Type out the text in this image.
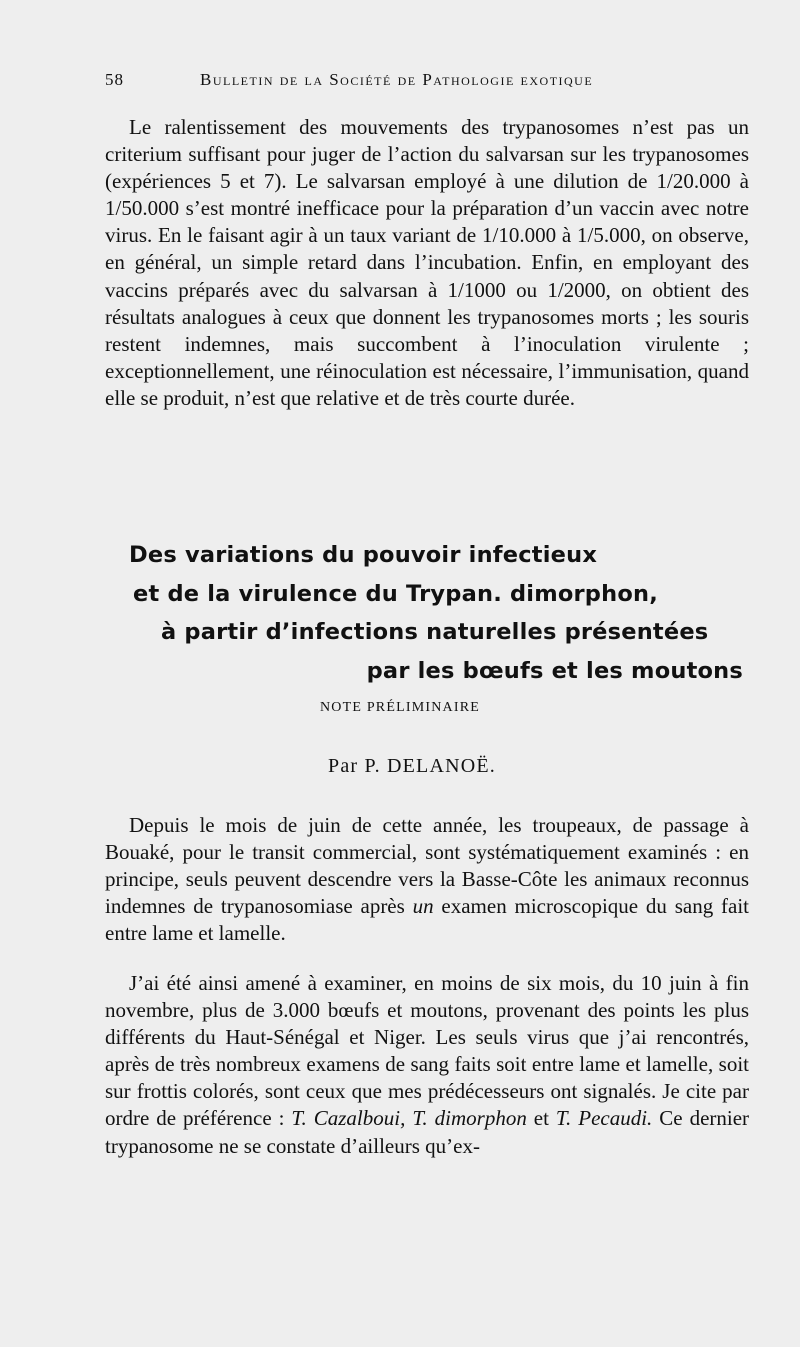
58	Bulletin de la Société de Pathologie exotique

Le ralentissement des mouvements des trypanosomes n’est pas un criterium suffisant pour juger de l’action du salvarsan sur les trypanosomes (expériences 5 et 7). Le salvarsan employé à une dilution de 1/20.000 à 1/50.000 s’est montré inefficace pour la préparation d’un vaccin avec notre virus. En le faisant agir à un taux variant de 1/10.000 à 1/5.000, on observe, en général, un simple retard dans l’incubation. Enfin, en employant des vaccins préparés avec du salvarsan à 1/1000 ou 1/2000, on obtient des résultats analogues à ceux que donnent les trypanosomes morts ; les souris restent indemnes, mais succombent à l’inoculation virulente ; exceptionnellement, une réinoculation est nécessaire, l’immunisation, quand elle se produit, n’est que relative et de très courte durée.

Des variations du pouvoir infectieux
et de la virulence du Trypan. dimorphon,
à partir d’infections naturelles présentées
par les bœufs et les moutons
NOTE PRÉLIMINAIRE
Par P. DELANOË.

Depuis le mois de juin de cette année, les troupeaux, de passage à Bouaké, pour le transit commercial, sont systématiquement examinés : en principe, seuls peuvent descendre vers la Basse-Côte les animaux reconnus indemnes de trypanosomiase après un examen microscopique du sang fait entre lame et lamelle.

J’ai été ainsi amené à examiner, en moins de six mois, du 10 juin à fin novembre, plus de 3.000 bœufs et moutons, provenant des points les plus différents du Haut-Sénégal et Niger. Les seuls virus que j’ai rencontrés, après de très nombreux examens de sang faits soit entre lame et lamelle, soit sur frottis colorés, sont ceux que mes prédécesseurs ont signalés. Je cite par ordre de préférence : T. Cazalboui, T. dimorphon et T. Pecaudi. Ce dernier trypanosome ne se constate d’ailleurs qu’ex-
